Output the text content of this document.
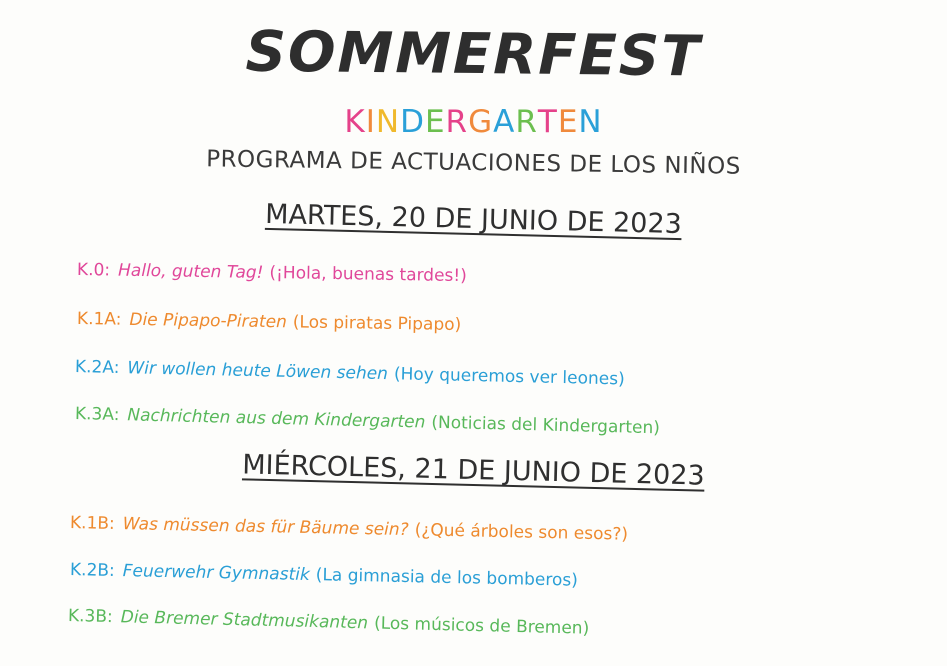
SOMMERFEST
KINDERGARTEN
PROGRAMA DE ACTUACIONES DE LOS NIÑOS
MARTES, 20 DE JUNIO DE 2023
K.0: Hallo, guten Tag! (¡Hola, buenas tardes!)
K.1A: Die Pipapo-Piraten (Los piratas Pipapo)
K.2A: Wir wollen heute Löwen sehen (Hoy queremos ver leones)
K.3A: Nachrichten aus dem Kindergarten (Noticias del Kindergarten)
MIÉRCOLES, 21 DE JUNIO DE 2023
K.1B: Was müssen das für Bäume sein? (¿Qué árboles son esos?)
K.2B: Feuerwehr Gymnastik (La gimnasia de los bomberos)
K.3B: Die Bremer Stadtmusikanten (Los músicos de Bremen)
